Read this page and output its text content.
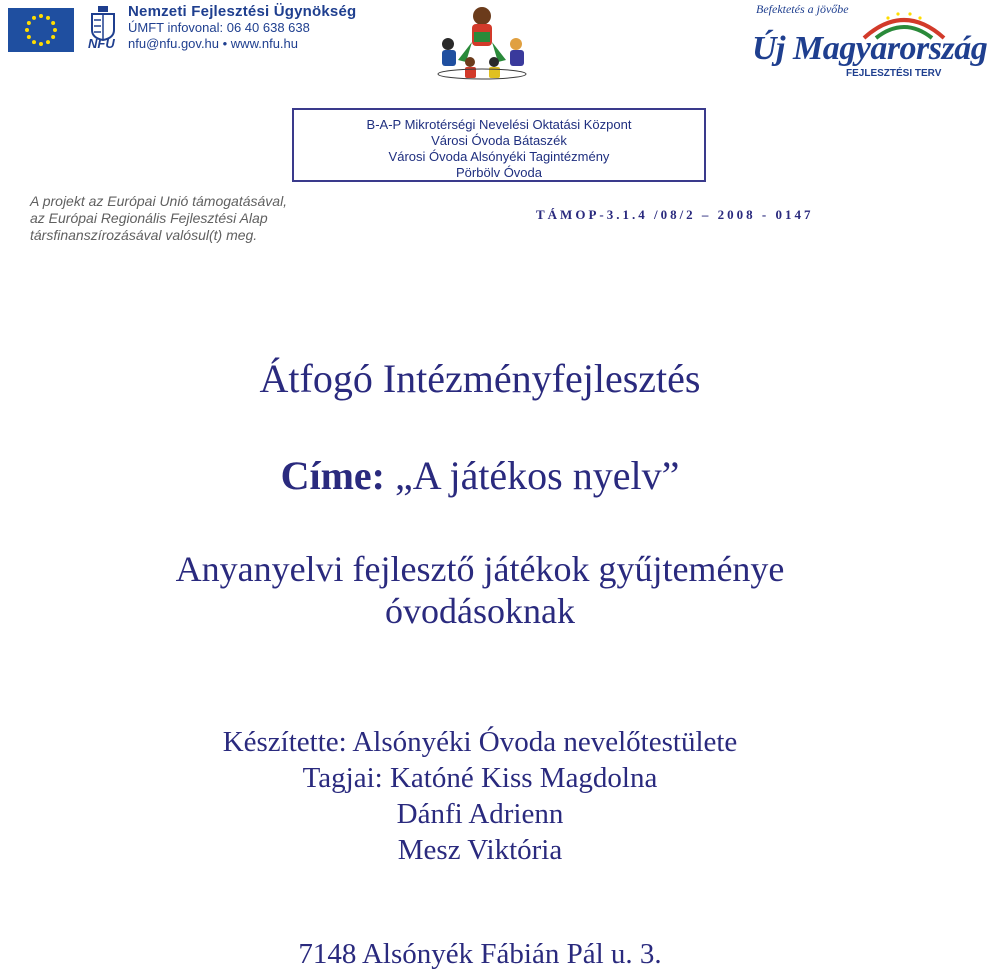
NFU
Nemzeti Fejlesztési Ügynökség
ÚMFT infovonal: 06 40 638 638
nfu@nfu.gov.hu • www.nfu.hu
Befektetés a jövőbe
Új Magyarország
FEJLESZTÉSI TERV
B-A-P Mikrotérségi Nevelési Oktatási Központ
Városi Óvoda Bátaszék
Városi Óvoda Alsónyéki Tagintézmény
Pörbölv Óvoda
A projekt az Európai Unió támogatásával,
az Európai Regionális Fejlesztési Alap
társfinanszírozásával valósul(t) meg.
TÁMOP-3.1.4 /08/2 – 2008 - 0147
Átfogó Intézményfejlesztés
Címe: „A játékos nyelv”
Anyanyelvi fejlesztő játékok gyűjteménye
óvodásoknak
Készítette: Alsónyéki Óvoda nevelőtestülete
Tagjai: Katóné Kiss Magdolna
Dánfi Adrienn
Mesz Viktória
7148 Alsónyék Fábián Pál u. 3.
